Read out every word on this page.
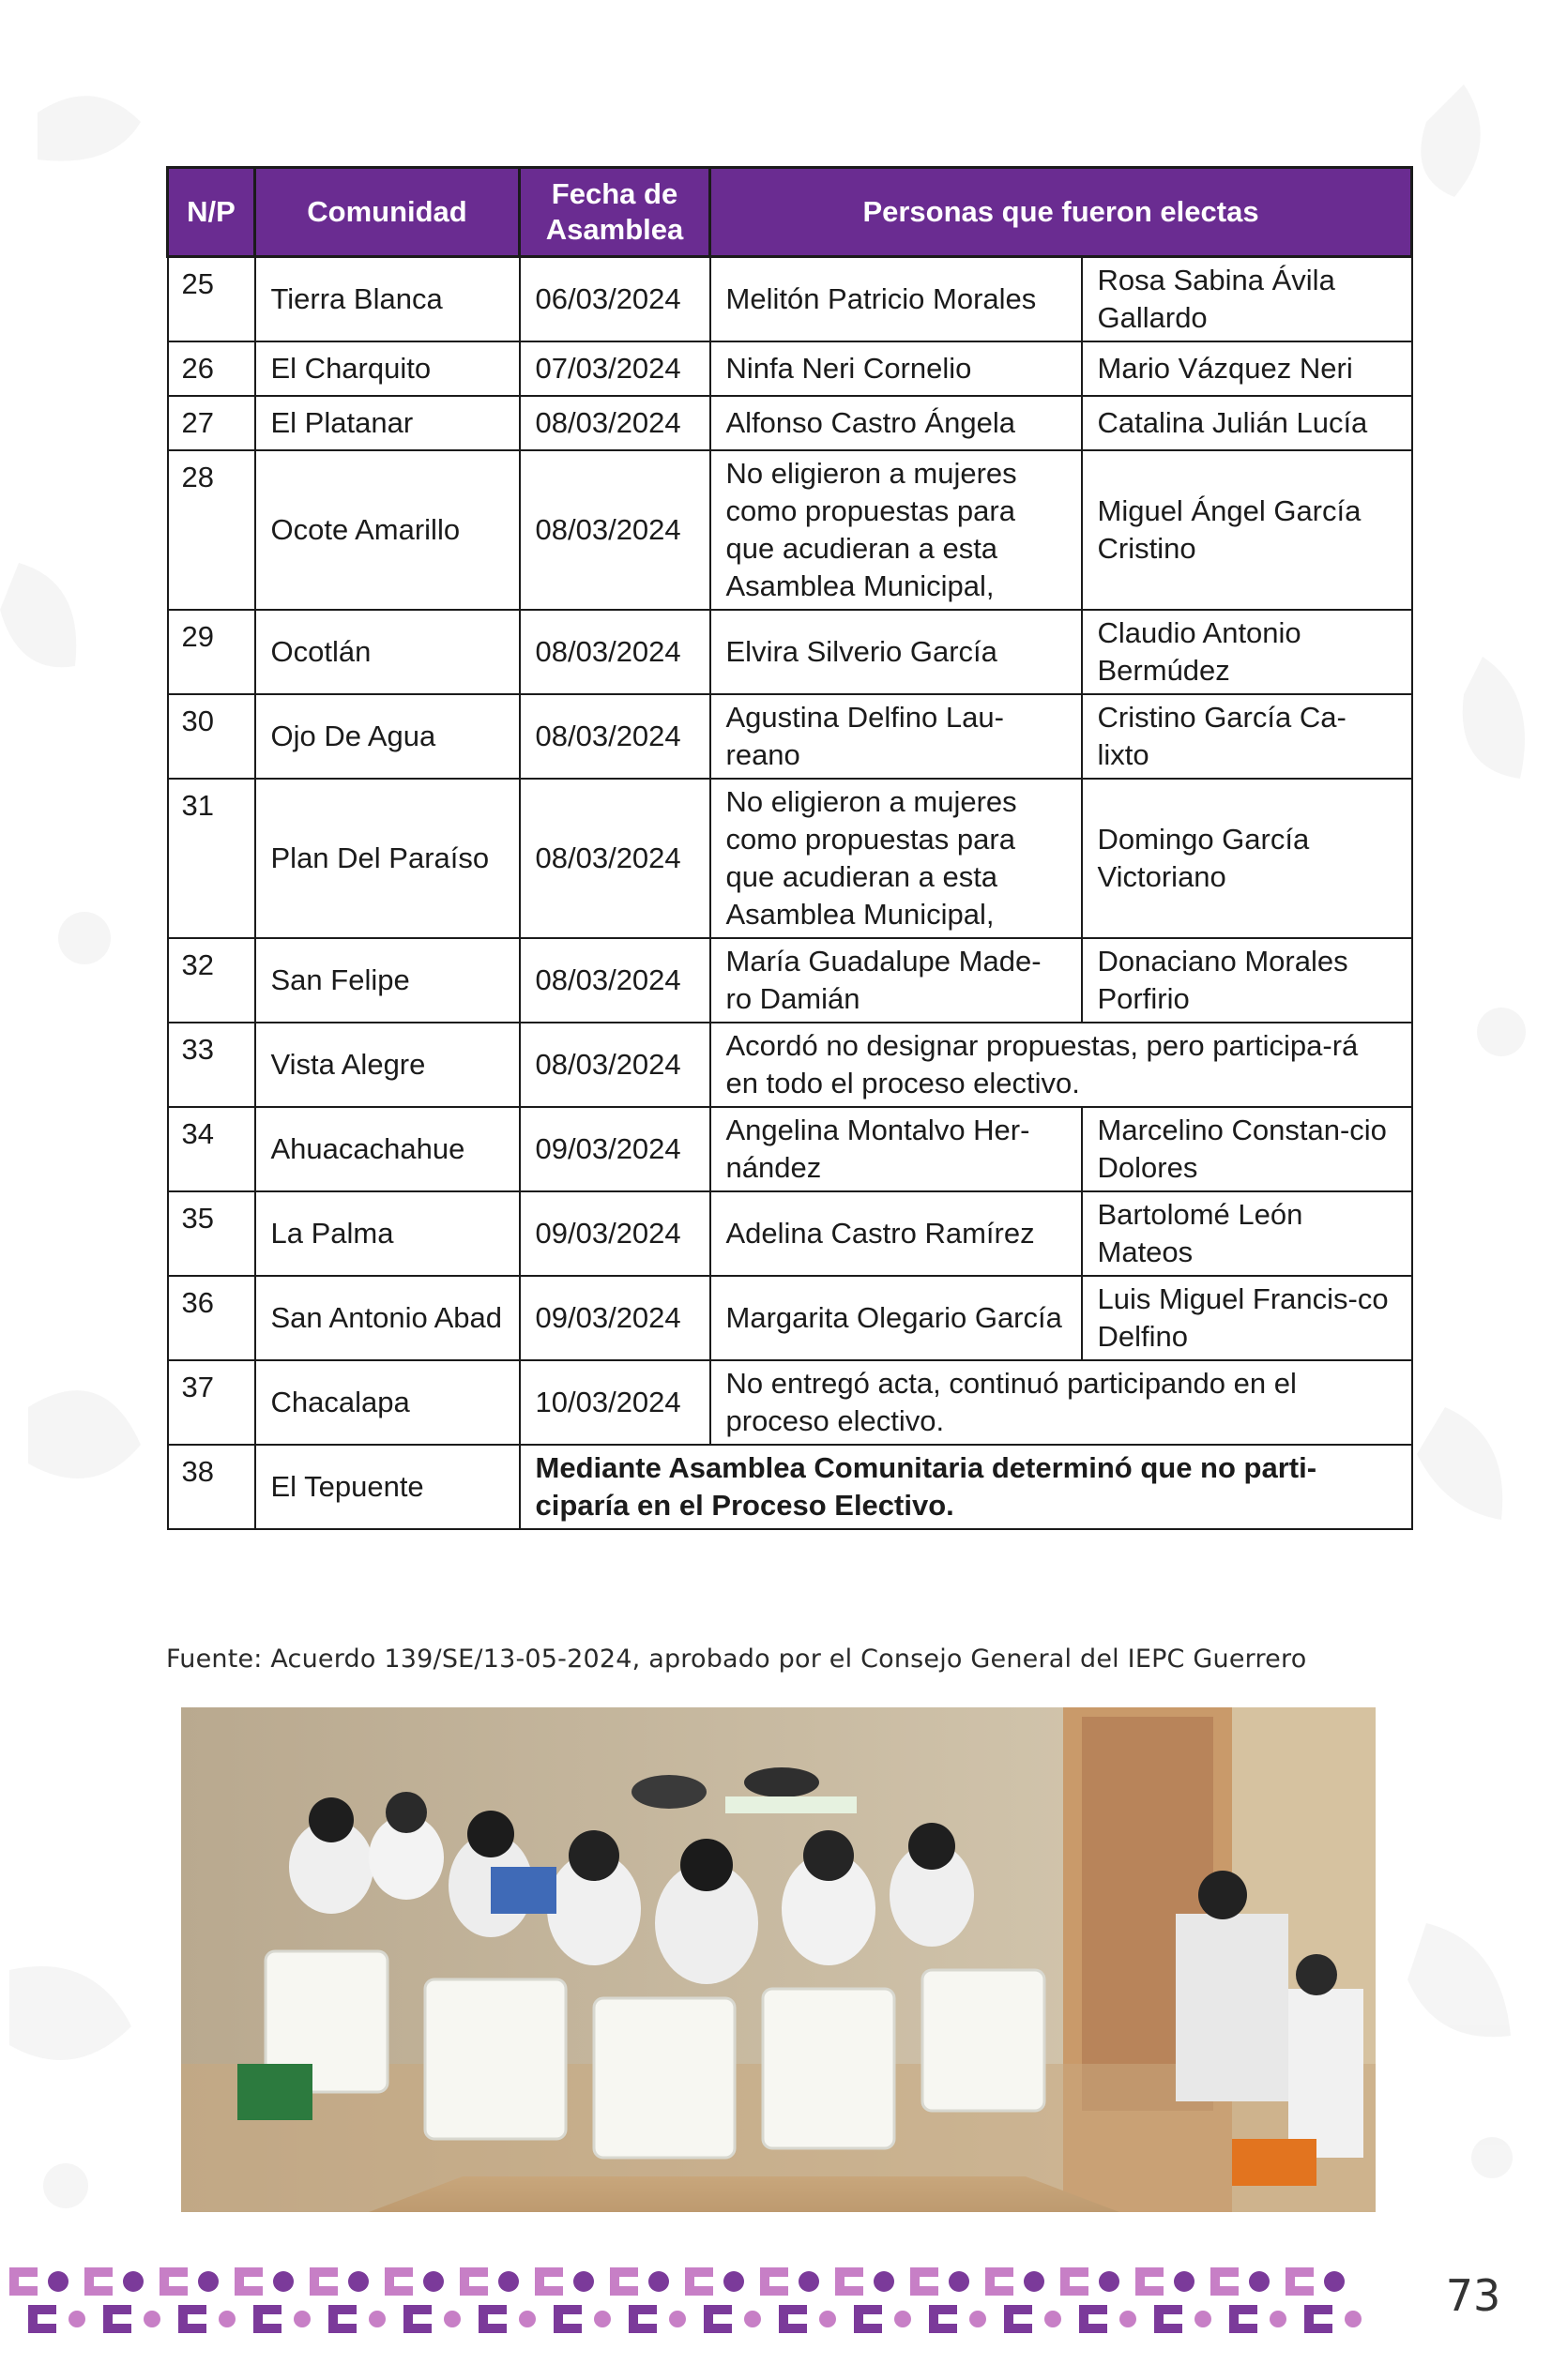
N/P	Comunidad	Fecha de Asamblea	Personas que fueron electas	
25	Tierra Blanca	06/03/2024	Melitón Patricio Morales	Rosa Sabina Ávila Gallardo
26	El Charquito	07/03/2024	Ninfa Neri Cornelio	Mario Vázquez Neri
27	El Platanar	08/03/2024	Alfonso Castro Ángela	Catalina Julián Lucía
28	Ocote Amarillo	08/03/2024	No eligieron a mujeres como propuestas para que acudieran a esta Asamblea Municipal,	Miguel Ángel García Cristino
29	Ocotlán	08/03/2024	Elvira Silverio García	Claudio Antonio Bermúdez
30	Ojo De Agua	08/03/2024	Agustina Delfino Lau-reano	Cristino García Ca-lixto
31	Plan Del Paraíso	08/03/2024	No eligieron a mujeres como propuestas para que acudieran a esta Asamblea Municipal,	Domingo García Victoriano
32	San Felipe	08/03/2024	María Guadalupe Made-ro Damián	Donaciano Morales Porfirio
33	Vista Alegre	08/03/2024	Acordó no designar propuestas, pero participa-rá en todo el proceso electivo.	
34	Ahuacachahue	09/03/2024	Angelina Montalvo Her-nández	Marcelino Constan-cio Dolores
35	La Palma	09/03/2024	Adelina Castro Ramírez	Bartolomé León Mateos
36	San Antonio Abad	09/03/2024	Margarita Olegario García	Luis Miguel Francis-co Delfino
37	Chacalapa	10/03/2024	No entregó acta, continuó participando en el proceso electivo.	
38	El Tepuente	Mediante Asamblea Comunitaria determinó que no parti-ciparía en el Proceso Electivo.		
Fuente: Acuerdo 139/SE/13-05-2024, aprobado por el Consejo General del IEPC Guerrero
73
